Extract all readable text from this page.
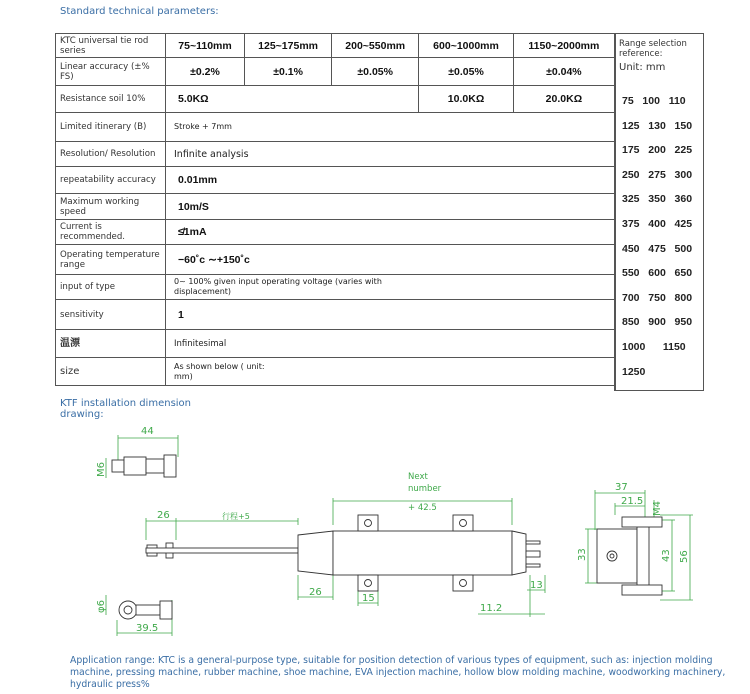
Standard technical parameters:
KTC universal tie rod series	75~110mm	125~175mm	200~550mm	600~1000mm	1150~2000mm
Linear accuracy (±% FS)	±0.2%	±0.1%	±0.05%	±0.05%	±0.04%
Resistance soil 10%	5.0KΩ			10.0KΩ	20.0KΩ
Limited itinerary (B)	Stroke + 7mm				
Resolution/ Resolution	Infinite analysis				
repeatability accuracy	0.01mm				
Maximum working speed	10m/S				
Current is recommended.	≰1mA				
Operating temperature range	−60˚c ∼+150˚c				
input of type	0~ 100% given input operating voltage (varies with displacement)				
sensitivity	1				
温漂	Infinitesimal				
size	As shown below ( unit: mm)				
Range selection reference:
Unit: mm
75   100   110
125   130   150
175   200   225
250   275   300
325   350   360
375   400   425
450   475   500
550   600   650
700   750   800
850   900   950
1000      1150
1250
KTF installation dimension drawing:
44
M6
26	行程+5
Next
number
+ 42.5
26
15
11.2
13
φ6
39.5
37
21.5 M4
33	43 56
Application range: KTC is a general-purpose type, suitable for position detection of various types of equipment, such as: injection molding machine, pressing machine, rubber machine, shoe machine, EVA injection machine, hollow blow molding machine, woodworking machinery, hydraulic press%
